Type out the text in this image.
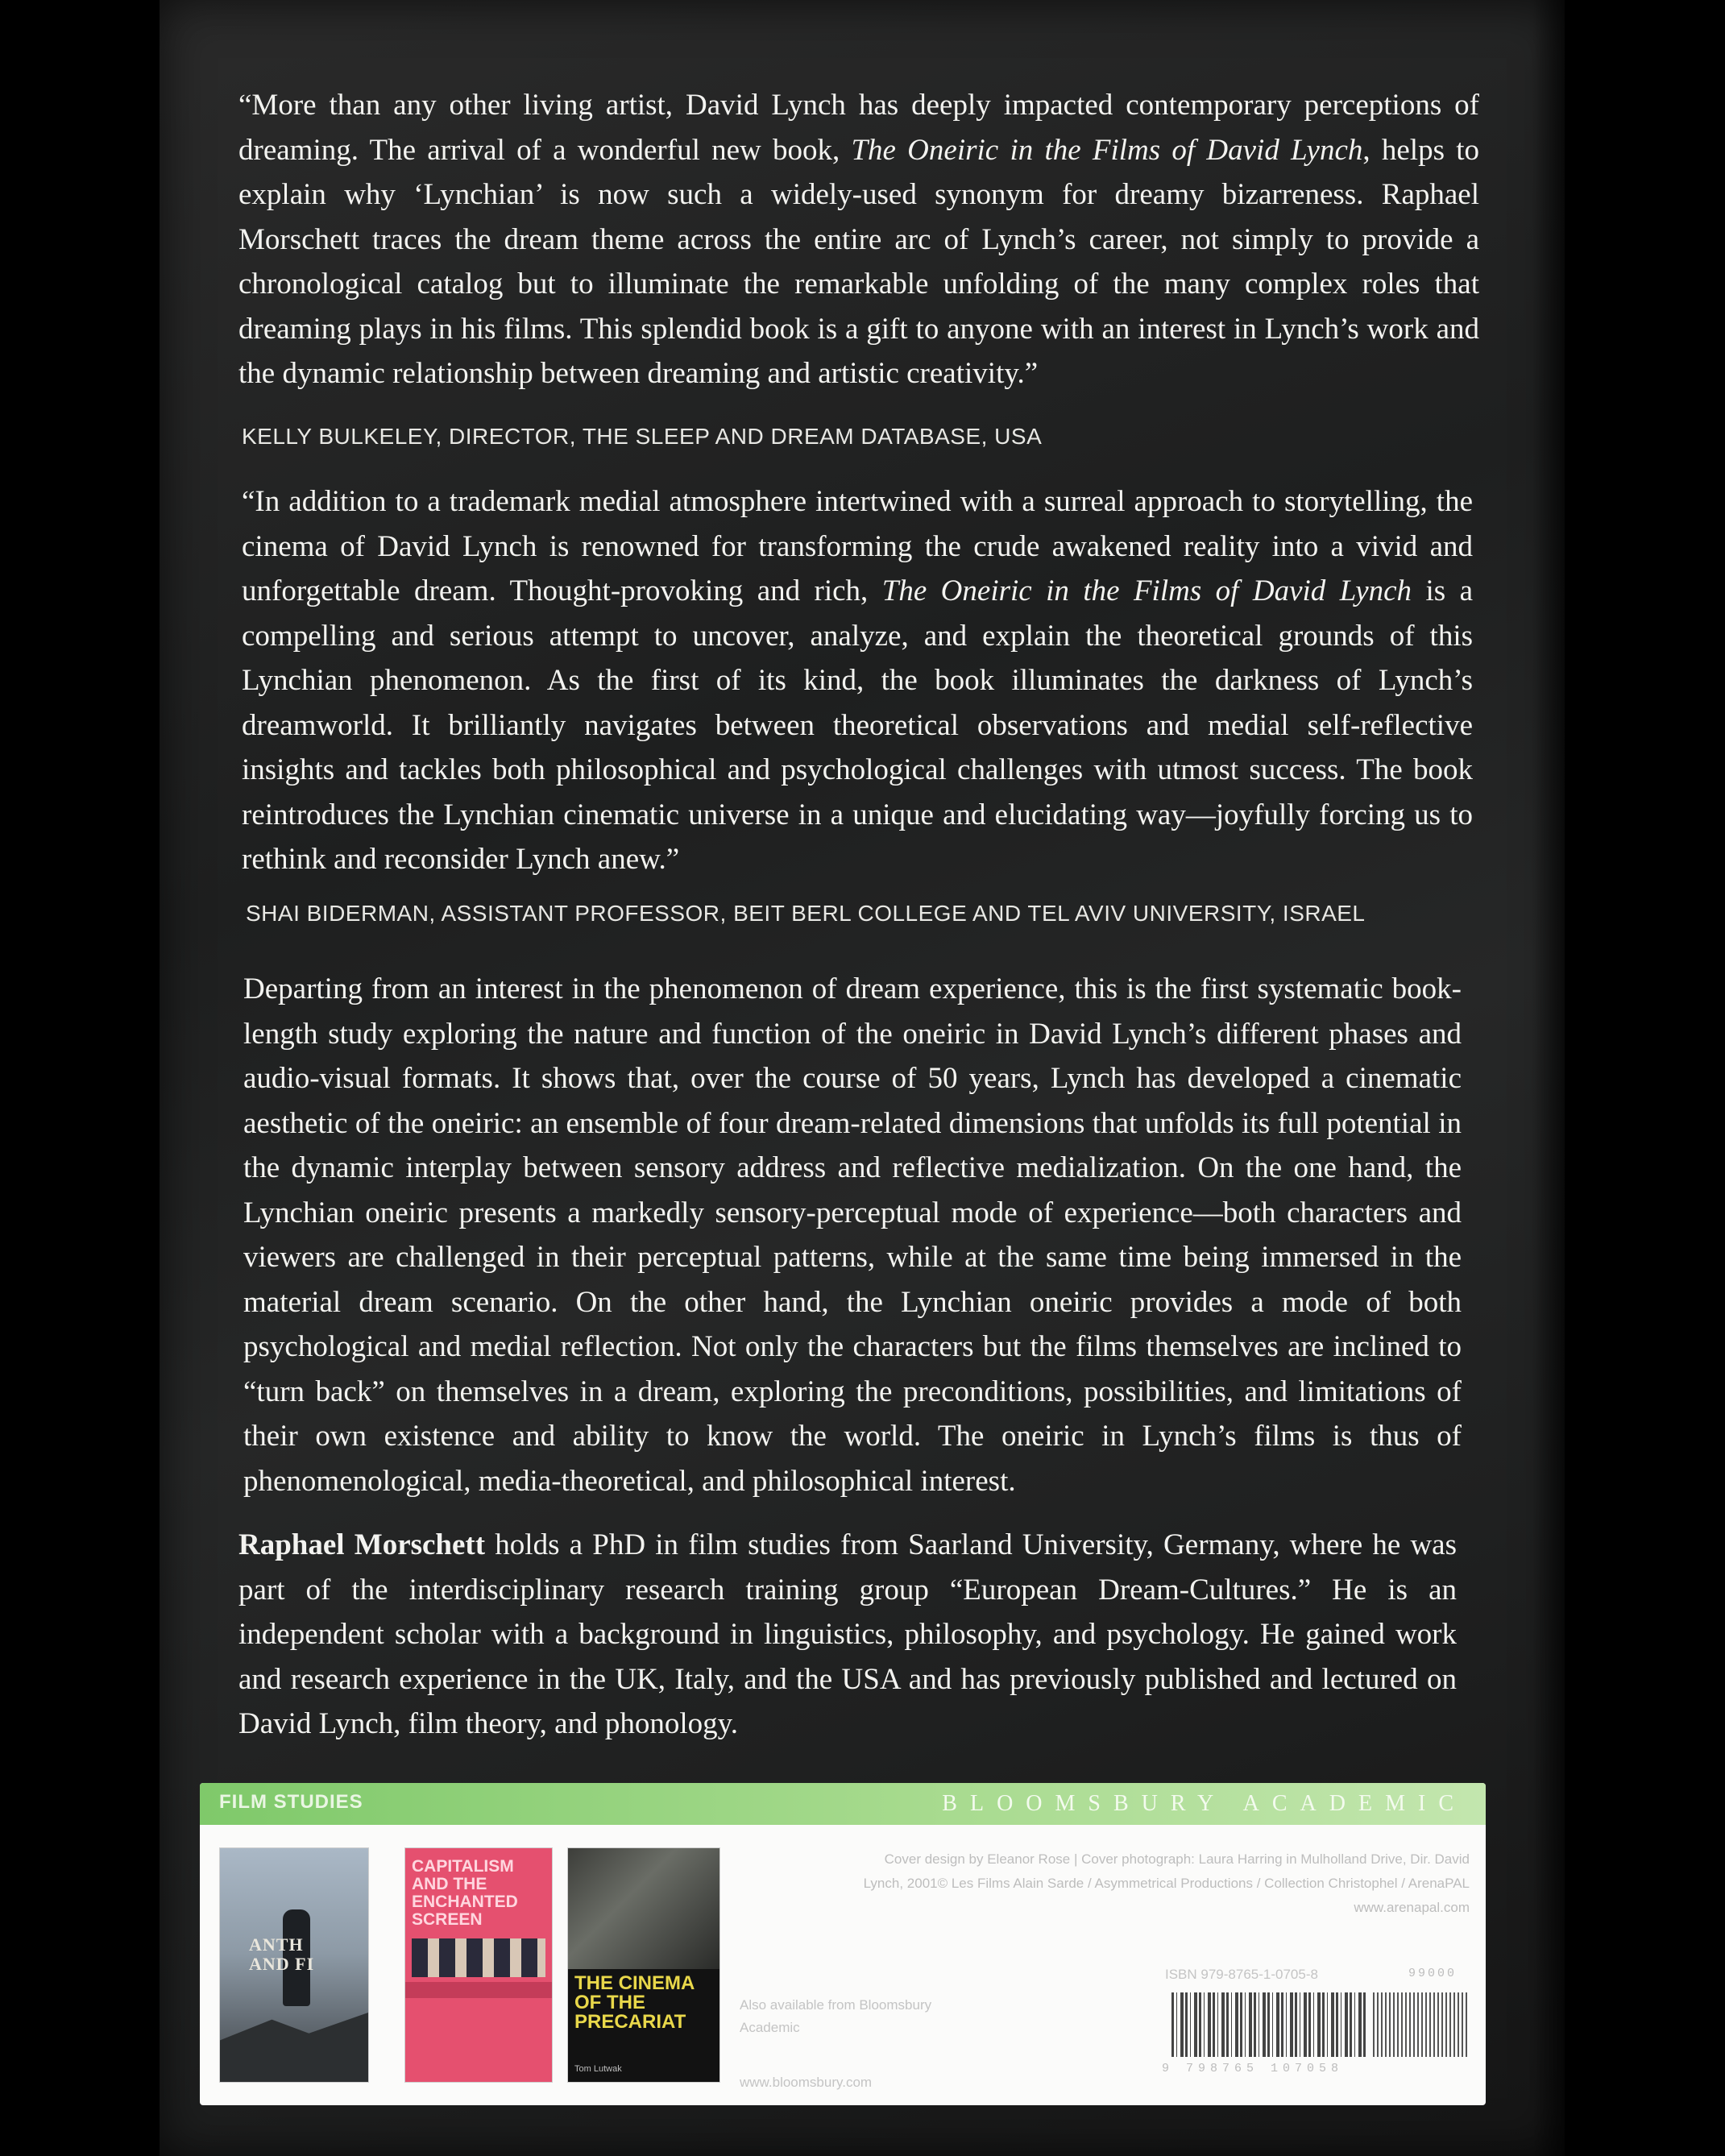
“More than any other living artist, David Lynch has deeply impacted contemporary perceptions of dreaming. The arrival of a wonderful new book, The Oneiric in the Films of David Lynch, helps to explain why ‘Lynchian’ is now such a widely-used synonym for dreamy bizarreness. Raphael Morschett traces the dream theme across the entire arc of Lynch’s career, not simply to provide a chronological catalog but to illuminate the remarkable unfolding of the many complex roles that dreaming plays in his films. This splendid book is a gift to anyone with an interest in Lynch’s work and the dynamic relationship between dreaming and artistic creativity.”

KELLY BULKELEY, DIRECTOR, THE SLEEP AND DREAM DATABASE, USA

“In addition to a trademark medial atmosphere intertwined with a surreal approach to storytelling, the cinema of David Lynch is renowned for transforming the crude awakened reality into a vivid and unforgettable dream. Thought-provoking and rich, The Oneiric in the Films of David Lynch is a compelling and serious attempt to uncover, analyze, and explain the theoretical grounds of this Lynchian phenomenon. As the first of its kind, the book illuminates the darkness of Lynch’s dreamworld. It brilliantly navigates between theoretical observations and medial self-reflective insights and tackles both philosophical and psychological challenges with utmost success. The book reintroduces the Lynchian cinematic universe in a unique and elucidating way—joyfully forcing us to rethink and reconsider Lynch anew.”

SHAI BIDERMAN, ASSISTANT PROFESSOR, BEIT BERL COLLEGE AND TEL AVIV UNIVERSITY, ISRAEL

Departing from an interest in the phenomenon of dream experience, this is the first systematic book-length study exploring the nature and function of the oneiric in David Lynch’s different phases and audio-visual formats. It shows that, over the course of 50 years, Lynch has developed a cinematic aesthetic of the oneiric: an ensemble of four dream-related dimensions that unfolds its full potential in the dynamic interplay between sensory address and reflective medialization. On the one hand, the Lynchian oneiric presents a markedly sensory-perceptual mode of experience—both characters and viewers are challenged in their perceptual patterns, while at the same time being immersed in the material dream scenario. On the other hand, the Lynchian oneiric provides a mode of both psychological and medial reflection. Not only the characters but the films themselves are inclined to “turn back” on themselves in a dream, exploring the preconditions, possibilities, and limitations of their own existence and ability to know the world. The oneiric in Lynch’s films is thus of phenomenological, media-theoretical, and philosophical interest.

Raphael Morschett holds a PhD in film studies from Saarland University, Germany, where he was part of the interdisciplinary research training group “European Dream-Cultures.” He is an independent scholar with a background in linguistics, philosophy, and psychology. He gained work and research experience in the UK, Italy, and the USA and has previously published and lectured on David Lynch, film theory, and phonology.

FILM STUDIES	BLOOMSBURY ACADEMIC
ANTH
AND FI
CAPITALISM AND THE ENCHANTED SCREEN
THE CINEMA OF THE PRECARIAT
Tom Lutwak
Also available from Bloomsbury Academic
www.bloomsbury.com
Cover design by Eleanor Rose | Cover photograph: Laura Harring in Mulholland Drive, Dir. David Lynch, 2001© Les Films Alain Sarde / Asymmetrical Productions / Collection Christophel / ArenaPAL www.arenapal.com
ISBN 979-8765-1-0705-8
9 798765 107058
99000
